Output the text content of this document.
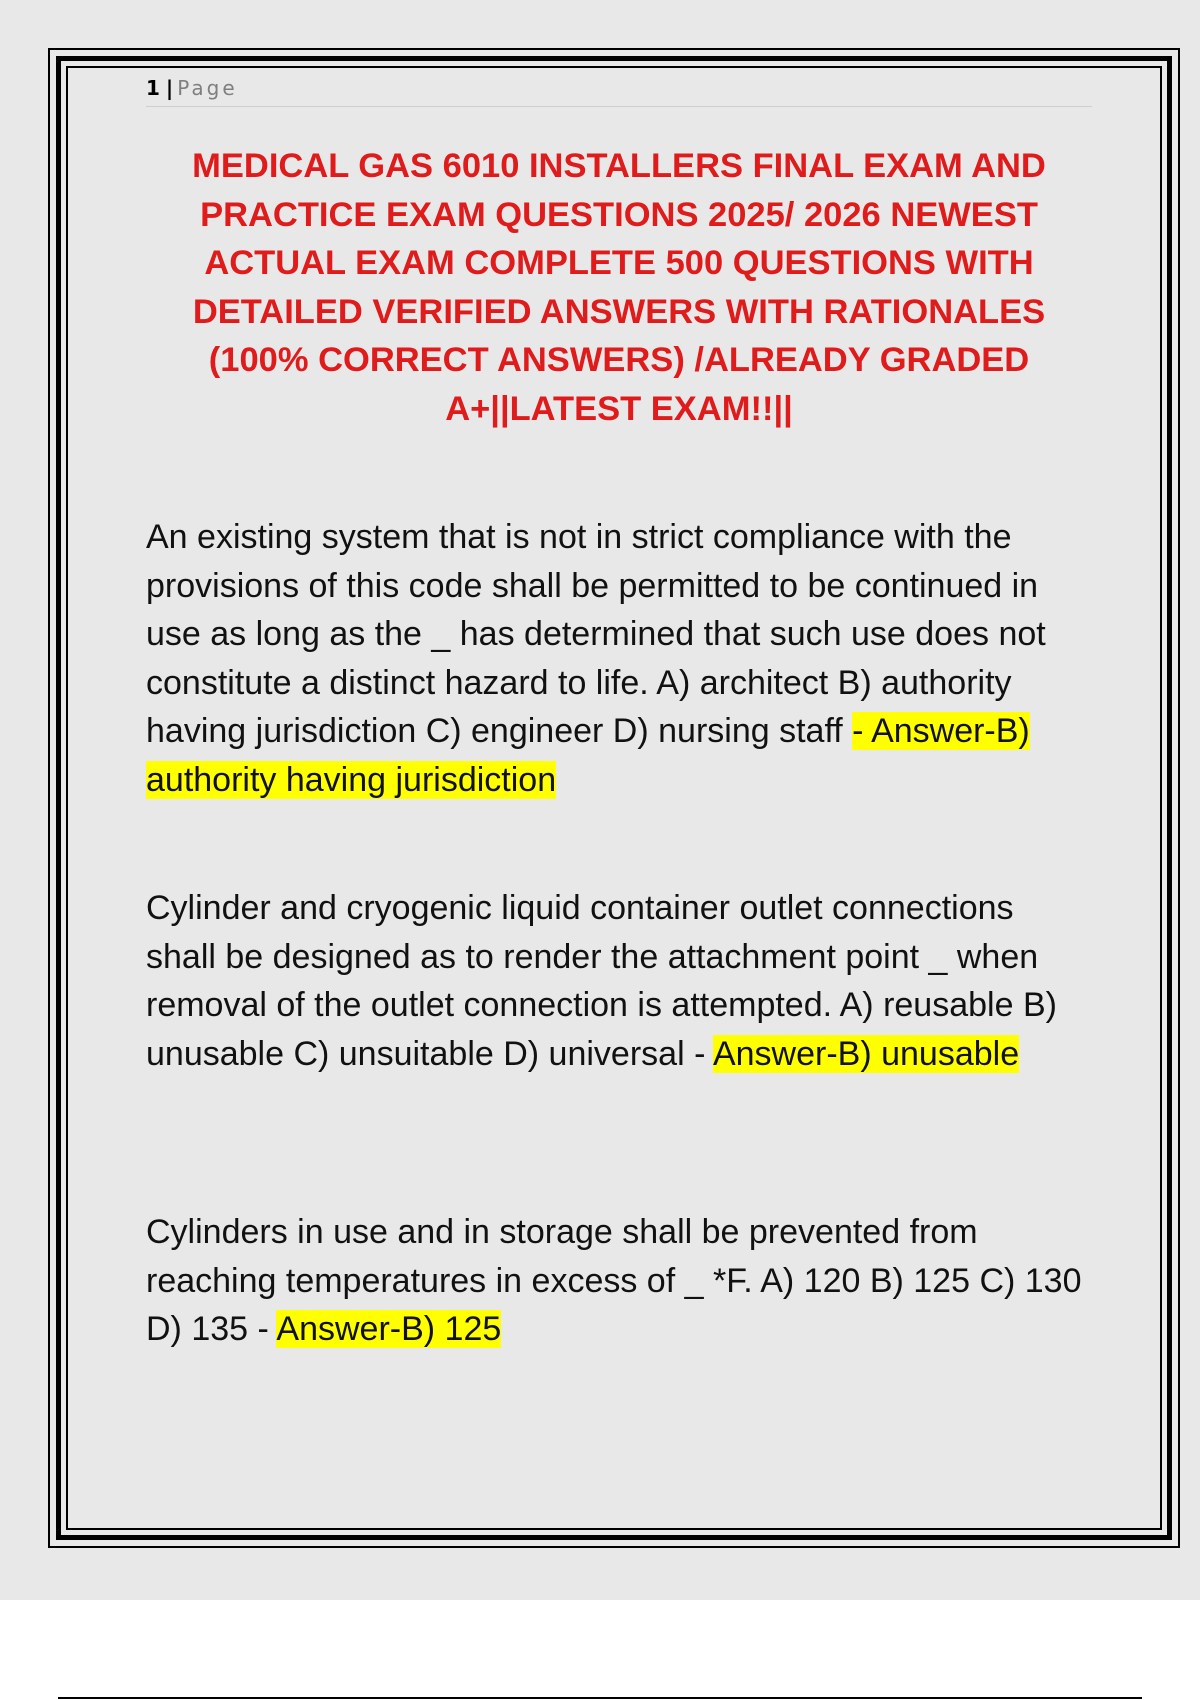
1 | Page
MEDICAL GAS 6010 INSTALLERS FINAL EXAM AND PRACTICE EXAM QUESTIONS 2025/ 2026 NEWEST ACTUAL EXAM COMPLETE 500 QUESTIONS WITH DETAILED VERIFIED ANSWERS WITH RATIONALES (100% CORRECT ANSWERS) /ALREADY GRADED A+||LATEST EXAM!!||

An existing system that is not in strict compliance with the provisions of this code shall be permitted to be continued in use as long as the _ has determined that such use does not constitute a distinct hazard to life. A) architect B) authority having jurisdiction C) engineer D) nursing staff - Answer-B) authority having jurisdiction

Cylinder and cryogenic liquid container outlet connections shall be designed as to render the attachment point _ when removal of the outlet connection is attempted. A) reusable B) unusable C) unsuitable D) universal - Answer-B) unusable

Cylinders in use and in storage shall be prevented from reaching temperatures in excess of _ *F. A) 120 B) 125 C) 130 D) 135 - Answer-B) 125
